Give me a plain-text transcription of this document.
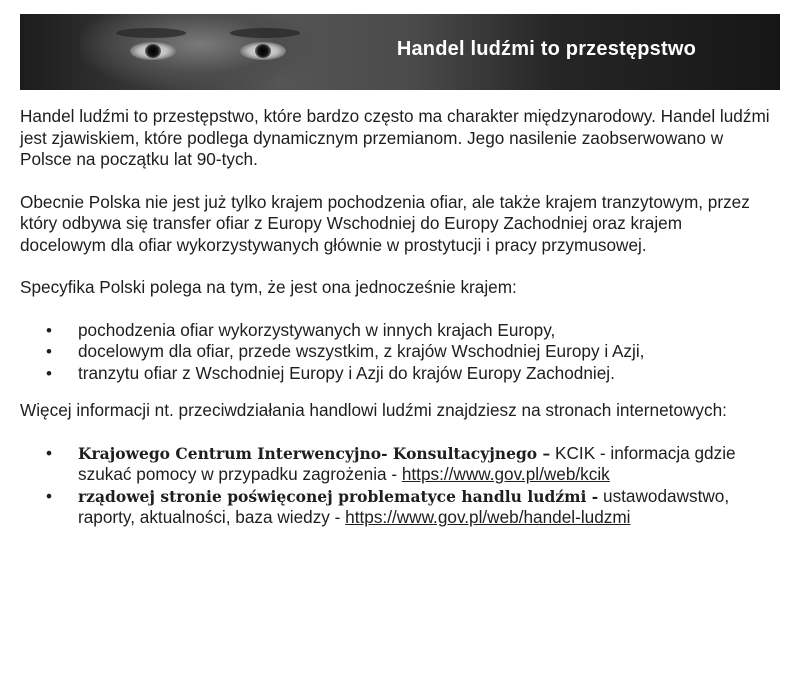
Handel ludźmi to przestępstwo

Handel ludźmi to przestępstwo, które bardzo często ma charakter międzynarodowy. Handel ludźmi jest zjawiskiem, które podlega dynamicznym przemianom. Jego nasilenie zaobserwowano w Polsce na początku lat 90-tych.

Obecnie Polska nie jest już tylko krajem pochodzenia ofiar, ale także krajem tranzytowym, przez który odbywa się transfer ofiar z Europy Wschodniej do Europy Zachodniej oraz krajem docelowym dla ofiar wykorzystywanych głównie w prostytucji i pracy przymusowej.

Specyfika Polski polega na tym, że jest ona jednocześnie krajem:

• pochodzenia ofiar wykorzystywanych w innych krajach Europy,
• docelowym dla ofiar, przede wszystkim, z krajów Wschodniej Europy i Azji,
• tranzytu ofiar z Wschodniej Europy i Azji do krajów Europy Zachodniej.

Więcej informacji nt. przeciwdziałania handlowi ludźmi znajdziesz na stronach internetowych:

• Krajowego Centrum Interwencyjno- Konsultacyjnego – KCIK - informacja gdzie szukać pomocy w przypadku zagrożenia - https://www.gov.pl/web/kcik
• rządowej stronie poświęconej problematyce handlu ludźmi - ustawodawstwo, raporty, aktualności, baza wiedzy - https://www.gov.pl/web/handel-ludzmi
